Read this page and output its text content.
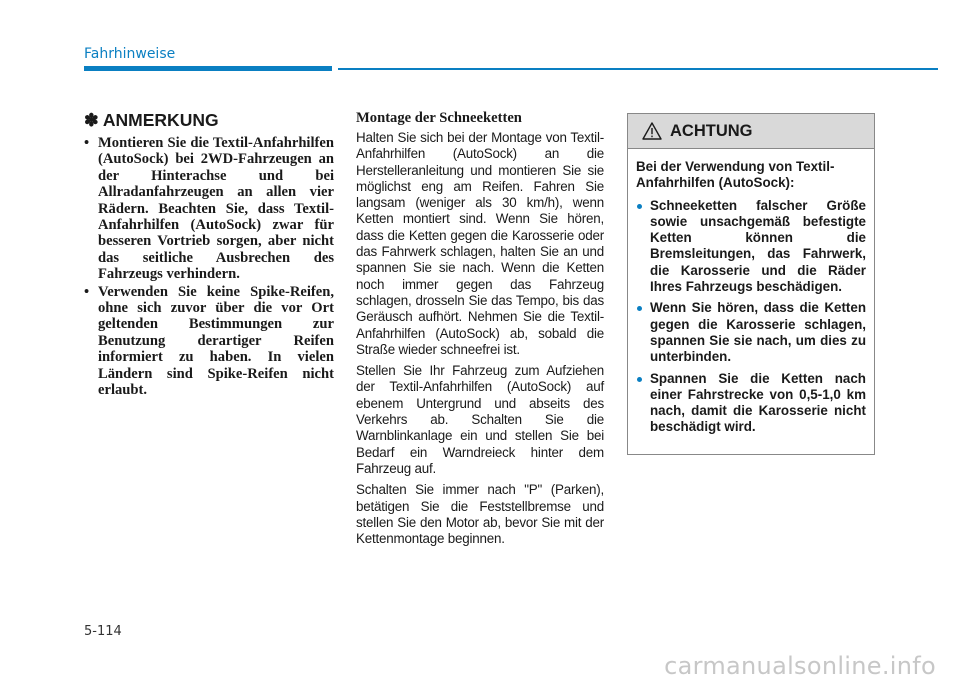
Fahrhinweise
✽ ANMERKUNG
• Montieren Sie die Textil-Anfahrhilfen (AutoSock) bei 2WD-Fahrzeugen an der Hinterachse und bei Allradanfahrzeugen an allen vier Rädern. Beachten Sie, dass Textil-Anfahrhilfen (AutoSock) zwar für besseren Vortrieb sorgen, aber nicht das seitliche Ausbrechen des Fahrzeugs verhindern.
• Verwenden Sie keine Spike-Reifen, ohne sich zuvor über die vor Ort geltenden Bestimmungen zur Benutzung derartiger Reifen informiert zu haben. In vielen Ländern sind Spike-Reifen nicht erlaubt.
Montage der Schneeketten

Halten Sie sich bei der Montage von Textil-Anfahrhilfen (AutoSock) an die Herstelleranleitung und montieren Sie sie möglichst eng am Reifen. Fahren Sie langsam (weniger als 30 km/h), wenn Ketten montiert sind. Wenn Sie hören, dass die Ketten gegen die Karosserie oder das Fahrwerk schlagen, halten Sie an und spannen Sie sie nach. Wenn die Ketten noch immer gegen das Fahrzeug schlagen, drosseln Sie das Tempo, bis das Geräusch aufhört. Nehmen Sie die Textil-Anfahrhilfen (AutoSock) ab, sobald die Straße wieder schneefrei ist.

Stellen Sie Ihr Fahrzeug zum Aufziehen der Textil-Anfahrhilfen (AutoSock) auf ebenem Untergrund und abseits des Verkehrs ab. Schalten Sie die Warnblinkanlage ein und stellen Sie bei Bedarf ein Warndreieck hinter dem Fahrzeug auf.

Schalten Sie immer nach "P" (Parken), betätigen Sie die Feststellbremse und stellen Sie den Motor ab, bevor Sie mit der Kettenmontage beginnen.

ACHTUNG

Bei der Verwendung von Textil-Anfahrhilfen (AutoSock):

Schneeketten falscher Größe sowie unsachgemäß befestigte Ketten können die Bremsleitungen, das Fahrwerk, die Karosserie und die Räder Ihres Fahrzeugs beschädigen.
Wenn Sie hören, dass die Ketten gegen die Karosserie schlagen, spannen Sie sie nach, um dies zu unterbinden.
Spannen Sie die Ketten nach einer Fahrstrecke von 0,5-1,0 km nach, damit die Karosserie nicht beschädigt wird.
5-114
carmanualsonline.info
